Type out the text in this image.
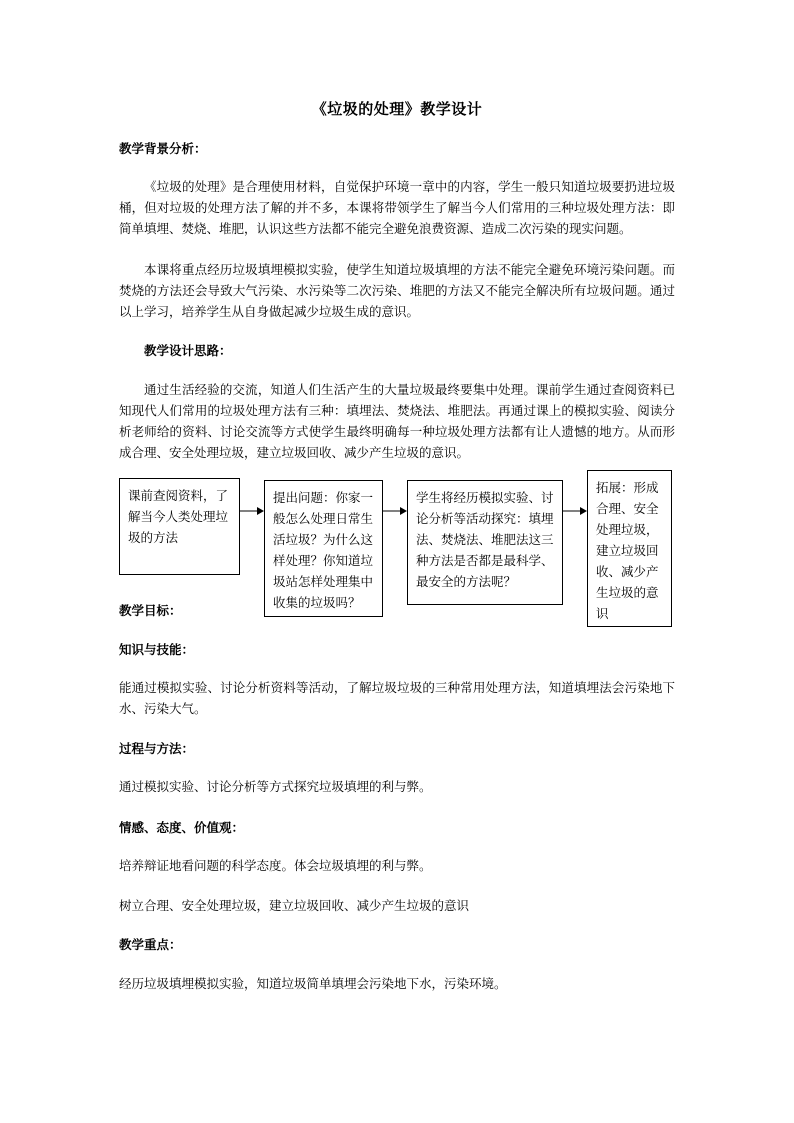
《垃圾的处理》教学设计
教学背景分析：
《垃圾的处理》是合理使用材料，自觉保护环境一章中的内容，学生一般只知道垃圾要扔进垃圾桶，但对垃圾的处理方法了解的并不多，本课将带领学生了解当今人们常用的三种垃圾处理方法：即简单填埋、焚烧、堆肥，认识这些方法都不能完全避免浪费资源、造成二次污染的现实问题。
本课将重点经历垃圾填埋模拟实验，使学生知道垃圾填埋的方法不能完全避免环境污染问题。而焚烧的方法还会导致大气污染、水污染等二次污染、堆肥的方法又不能完全解决所有垃圾问题。通过以上学习，培养学生从自身做起减少垃圾生成的意识。
教学设计思路：
通过生活经验的交流，知道人们生活产生的大量垃圾最终要集中处理。课前学生通过查阅资料已知现代人们常用的垃圾处理方法有三种：填埋法、焚烧法、堆肥法。再通过课上的模拟实验、阅读分析老师给的资料、讨论交流等方式使学生最终明确每一种垃圾处理方法都有让人遗憾的地方。从而形成合理、安全处理垃圾，建立垃圾回收、减少产生垃圾的意识。
课前查阅资料，了解当今人类处理垃圾的方法
提出问题：你家一般怎么处理日常生活垃圾？为什么这样处理？你知道垃圾站怎样处理集中收集的垃圾吗？
学生将经历模拟实验、讨论分析等活动探究：填埋法、焚烧法、堆肥法这三种方法是否都是最科学、最安全的方法呢？
拓展：形成合理、安全处理垃圾，建立垃圾回收、减少产生垃圾的意识
教学目标：
知识与技能：
能通过模拟实验、讨论分析资料等活动，了解垃圾垃圾的三种常用处理方法，知道填埋法会污染地下水、污染大气。
过程与方法：
通过模拟实验、讨论分析等方式探究垃圾填埋的利与弊。
情感、态度、价值观：
培养辩证地看问题的科学态度。体会垃圾填埋的利与弊。
树立合理、安全处理垃圾，建立垃圾回收、减少产生垃圾的意识
教学重点：
经历垃圾填埋模拟实验，知道垃圾简单填埋会污染地下水，污染环境。
